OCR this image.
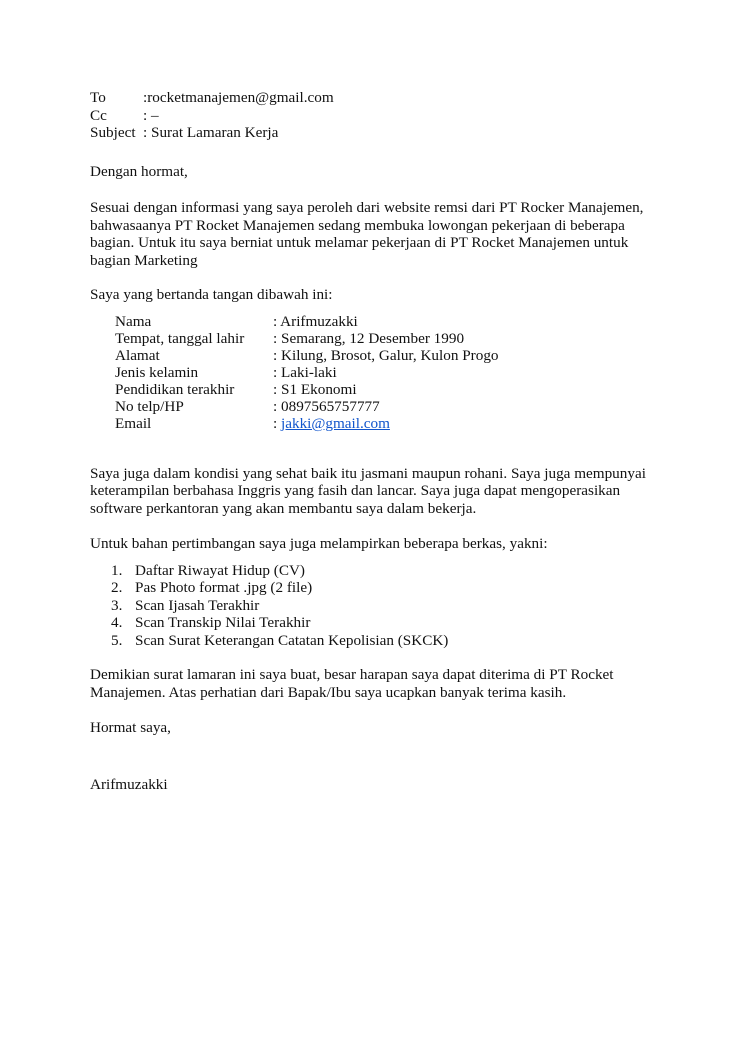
To	:rocketmanajemen@gmail.com
Cc	: –
Subject : Surat Lamaran Kerja

Dengan hormat,

Sesuai dengan informasi yang saya peroleh dari website remsi dari PT Rocker Manajemen, bahwasaanya PT Rocket Manajemen sedang membuka lowongan pekerjaan di beberapa bagian. Untuk itu saya berniat untuk melamar pekerjaan di PT Rocket Manajemen untuk bagian Marketing

Saya yang bertanda tangan dibawah ini:

Nama	: Arifmuzakki
Tempat, tanggal lahir	: Semarang, 12 Desember 1990
Alamat	: Kilung, Brosot, Galur, Kulon Progo
Jenis kelamin	: Laki-laki
Pendidikan terakhir	: S1 Ekonomi
No telp/HP	: 0897565757777
Email	: jakki@gmail.com

Saya juga dalam kondisi yang sehat baik itu jasmani maupun rohani. Saya juga mempunyai keterampilan berbahasa Inggris yang fasih dan lancar. Saya juga dapat mengoperasikan software perkantoran yang akan membantu saya dalam bekerja.

Untuk bahan pertimbangan saya juga melampirkan beberapa berkas, yakni:

1. Daftar Riwayat Hidup (CV)
2. Pas Photo format .jpg (2 file)
3. Scan Ijasah Terakhir
4. Scan Transkip Nilai Terakhir
5. Scan Surat Keterangan Catatan Kepolisian (SKCK)

Demikian surat lamaran ini saya buat, besar harapan saya dapat diterima di PT Rocket Manajemen. Atas perhatian dari Bapak/Ibu saya ucapkan banyak terima kasih.

Hormat saya,

Arifmuzakki
